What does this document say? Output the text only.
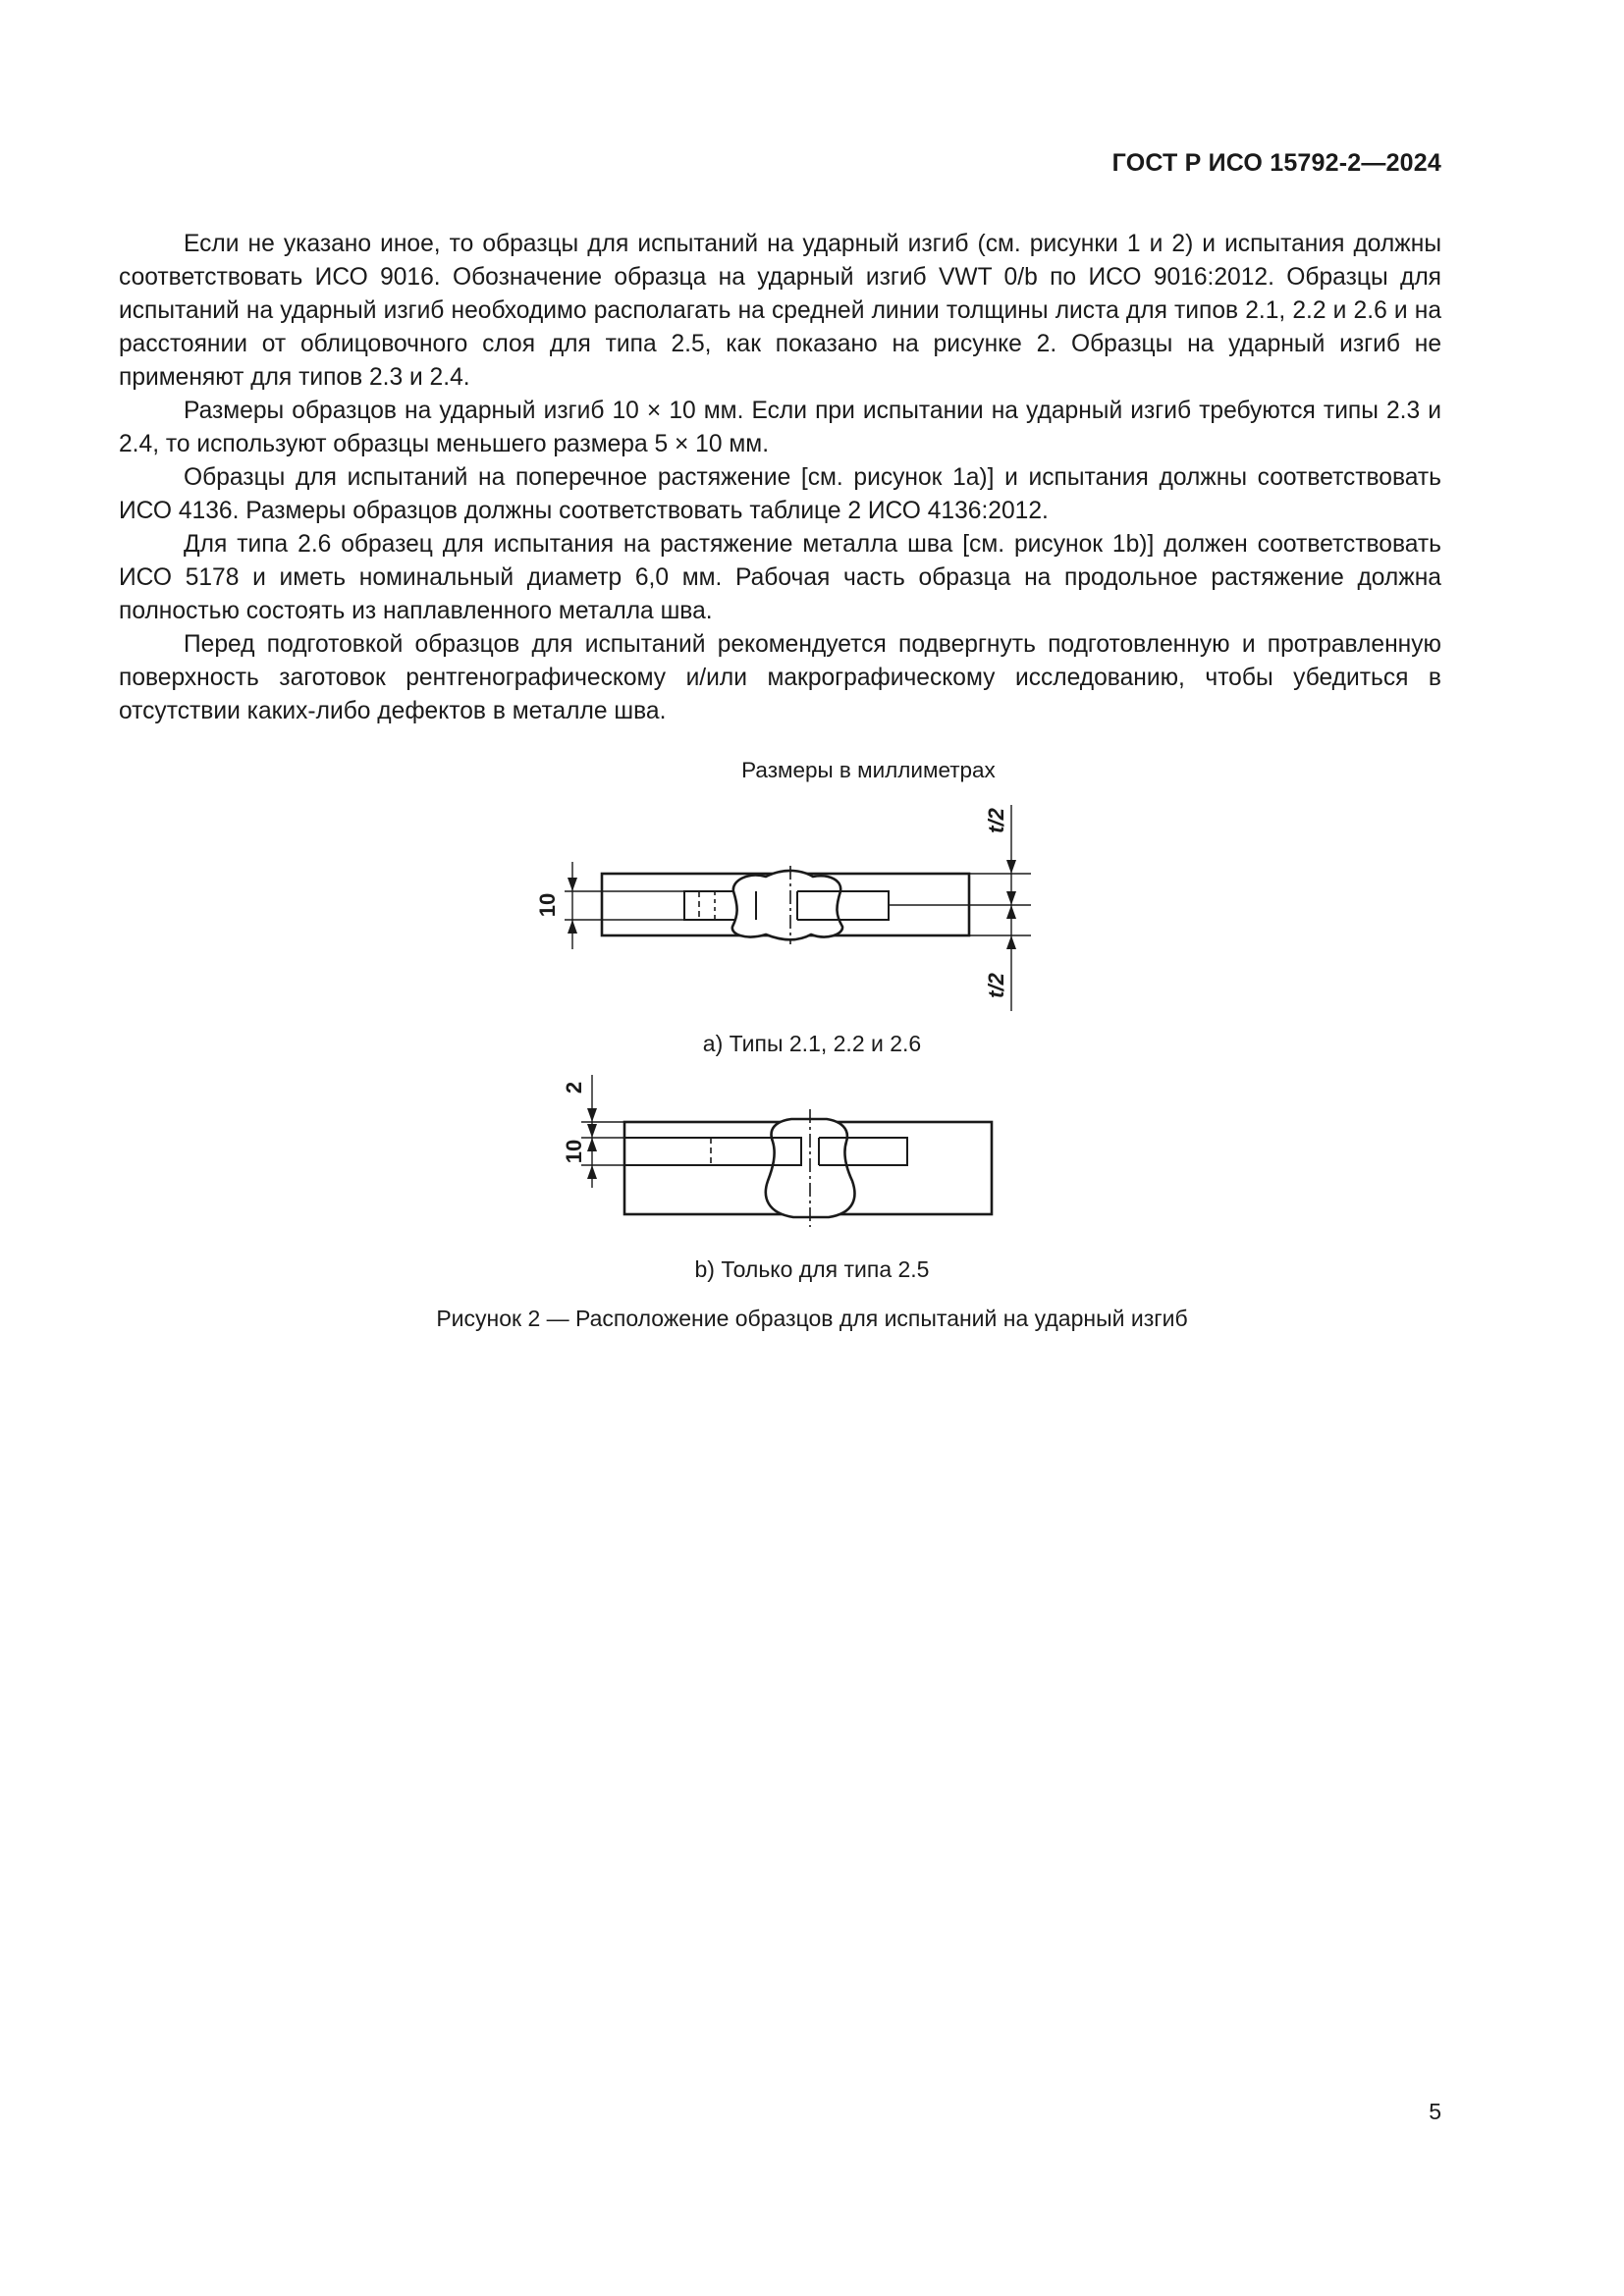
ГОСТ Р ИСО 15792-2—2024

Если не указано иное, то образцы для испытаний на ударный изгиб (см. рисунки 1 и 2) и испытания должны соответствовать ИСО 9016. Обозначение образца на ударный изгиб VWT 0/b по ИСО 9016:2012. Образцы для испытаний на ударный изгиб необходимо располагать на средней линии толщины листа для типов 2.1, 2.2 и 2.6 и на расстоянии от облицовочного слоя для типа 2.5, как показано на рисунке 2. Образцы на ударный изгиб не применяют для типов 2.3 и 2.4.

Размеры образцов на ударный изгиб 10 × 10 мм. Если при испытании на ударный изгиб требуются типы 2.3 и 2.4, то используют образцы меньшего размера 5 × 10 мм.

Образцы для испытаний на поперечное растяжение [см. рисунок 1a)] и испытания должны соответствовать ИСО 4136. Размеры образцов должны соответствовать таблице 2 ИСО 4136:2012.

Для типа 2.6 образец для испытания на растяжение металла шва [см. рисунок 1b)] должен соответствовать ИСО 5178 и иметь номинальный диаметр 6,0 мм. Рабочая часть образца на продольное растяжение должна полностью состоять из наплавленного металла шва.

Перед подготовкой образцов для испытаний рекомендуется подвергнуть подготовленную и протравленную поверхность заготовок рентгенографическому и/или макрографическому исследованию, чтобы убедиться в отсутствии каких-либо дефектов в металле шва.

Размеры в миллиметрах
10
t/2
t/2
2
10
а) Типы 2.1, 2.2 и 2.6
b) Только для типа 2.5
Рисунок 2 — Расположение образцов для испытаний на ударный изгиб
5
